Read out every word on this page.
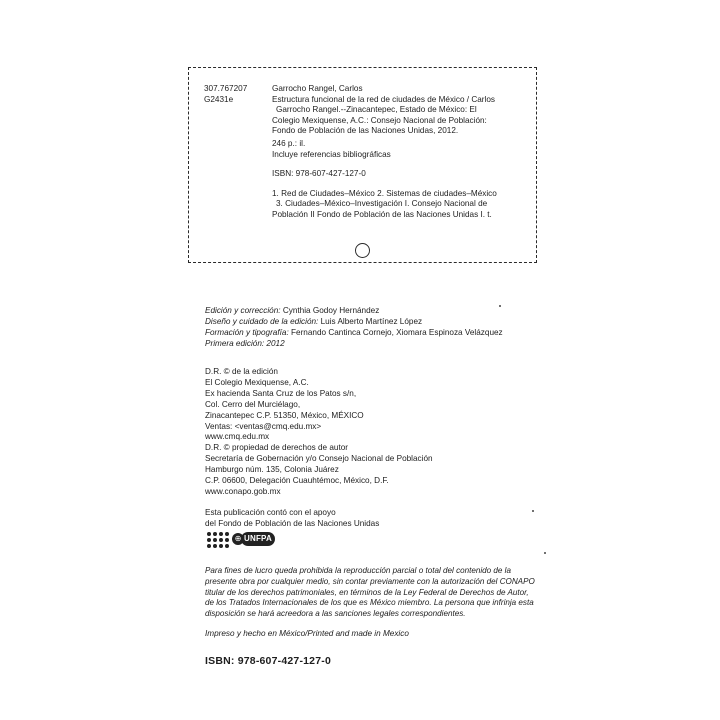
307.767207
G2431e
Garrocho Rangel, Carlos
Estructura funcional de la red de ciudades de México / Carlos
Garrocho Rangel.--Zinacantepec, Estado de México: El
Colegio Mexiquense, A.C.: Consejo Nacional de Población:
Fondo de Población de las Naciones Unidas, 2012.
246 p.: il.
Incluye referencias bibliográficas
ISBN: 978-607-427-127-0
1. Red de Ciudades–México 2. Sistemas de ciudades–México
3. Ciudades–México–Investigación I. Consejo Nacional de
Población II Fondo de Población de las Naciones Unidas I. t.
Edición y corrección: Cynthia Godoy Hernández
Diseño y cuidado de la edición: Luis Alberto Martínez López
Formación y tipografía: Fernando Cantinca Cornejo, Xiomara Espinoza Velázquez
Primera edición: 2012
D.R. © de la edición
El Colegio Mexiquense, A.C.
Ex hacienda Santa Cruz de los Patos s/n,
Col. Cerro del Murciélago,
Zinacantepec C.P. 51350, México, MÉXICO
Ventas: <ventas@cmq.edu.mx>
www.cmq.edu.mx
D.R. © propiedad de derechos de autor
Secretaría de Gobernación y/o Consejo Nacional de Población
Hamburgo núm. 135, Colonia Juárez
C.P. 06600, Delegación Cuauhtémoc, México, D.F.
www.conapo.gob.mx
Esta publicación contó con el apoyo
del Fondo de Población de las Naciones Unidas
⊕ UNFPA
Para fines de lucro queda prohibida la reproducción parcial o total del contenido de la
presente obra por cualquier medio, sin contar previamente con la autorización del CONAPO
titular de los derechos patrimoniales, en términos de la Ley Federal de Derechos de Autor,
de los Tratados Internacionales de los que es México miembro. La persona que infrinja esta
disposición se hará acreedora a las sanciones legales correspondientes.
Impreso y hecho en México/Printed and made in Mexico
ISBN: 978-607-427-127-0
